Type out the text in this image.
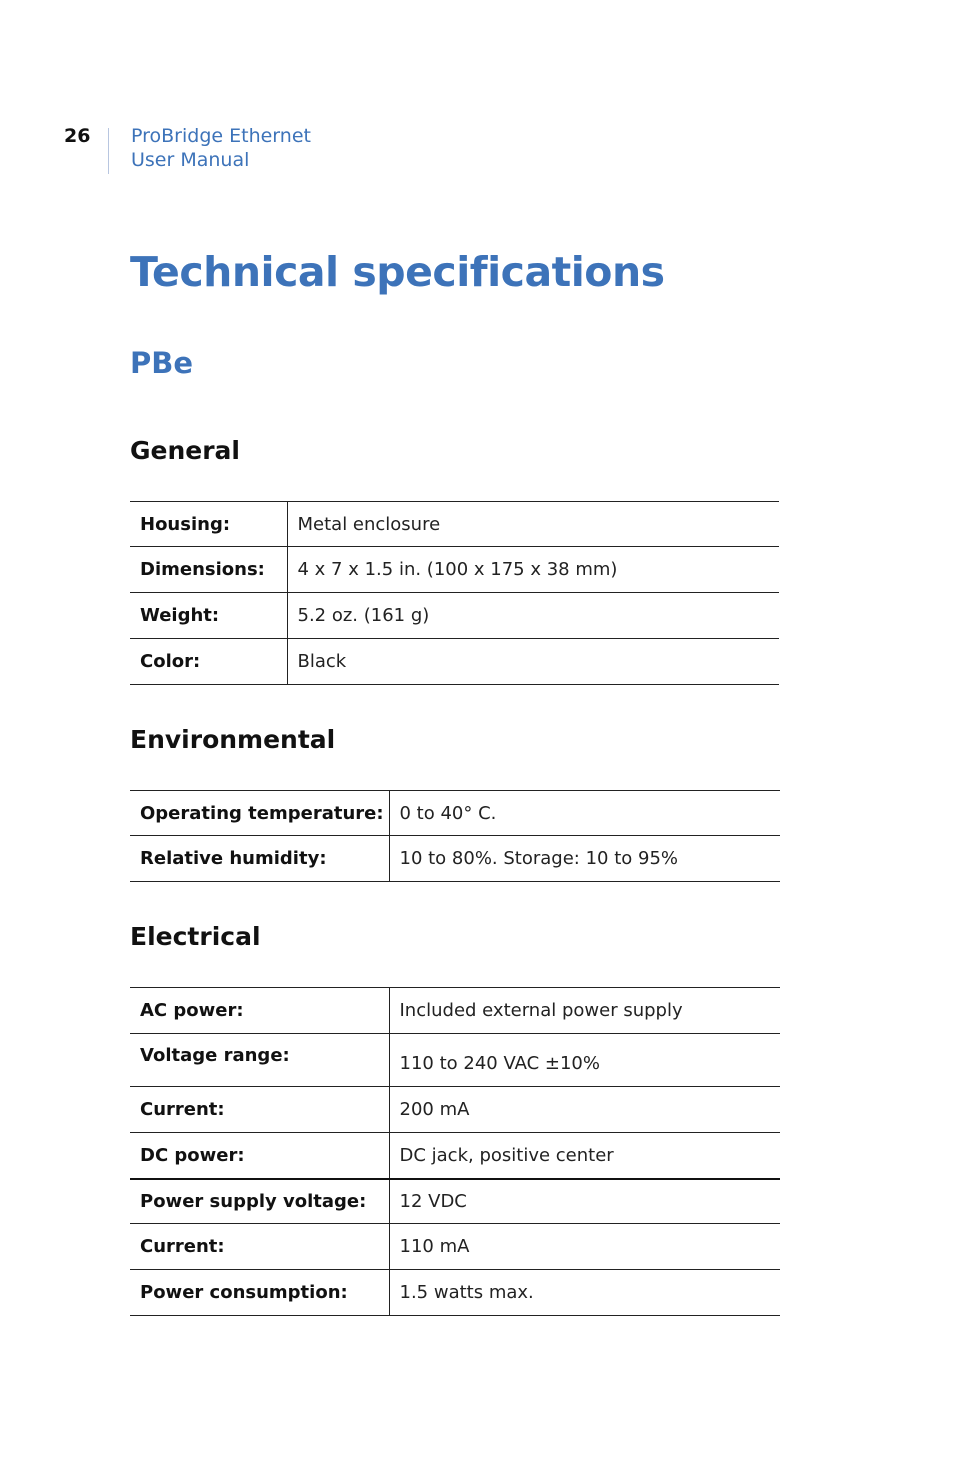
26 ProBridge Ethernet
User Manual
Technical specifications
PBe
General
Housing:	Metal enclosure
Dimensions:	4 x 7 x 1.5 in. (100 x 175 x 38 mm)
Weight:	5.2 oz. (161 g)
Color:	Black
Environmental
Operating temperature:	0 to 40° C.
Relative humidity:	10 to 80%. Storage: 10 to 95%
Electrical
AC power:	Included external power supply
Voltage range:	110 to 240 VAC ±10%
Current:	200 mA
DC power:	DC jack, positive center
Power supply voltage:	12 VDC
Current:	110 mA
Power consumption:	1.5 watts max.
